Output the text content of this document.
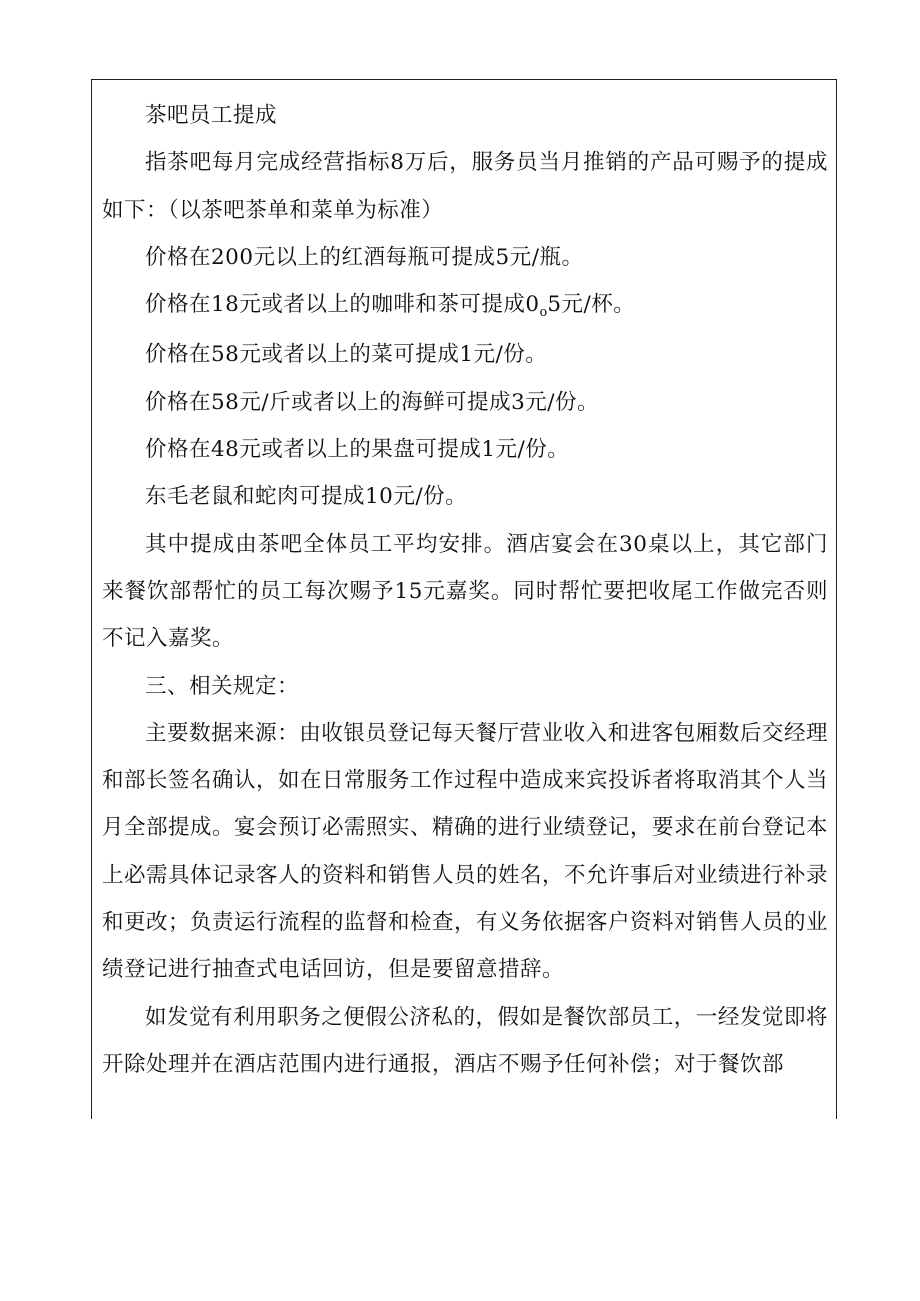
茶吧员工提成

指茶吧每月完成经营指标8万后，服务员当月推销的产品可赐予的提成如下：（以茶吧茶单和菜单为标准）

价格在200元以上的红酒每瓶可提成5元/瓶。

价格在18元或者以上的咖啡和茶可提成$0_o5$元/杯。

价格在58元或者以上的菜可提成1元/份。

价格在58元/斤或者以上的海鲜可提成3元/份。

价格在48元或者以上的果盘可提成1元/份。

东毛老鼠和蛇肉可提成10元/份。

其中提成由茶吧全体员工平均安排。酒店宴会在30桌以上，其它部门来餐饮部帮忙的员工每次赐予15元嘉奖。同时帮忙要把收尾工作做完否则不记入嘉奖。

三、相关规定：

主要数据来源：由收银员登记每天餐厅营业收入和进客包厢数后交经理和部长签名确认，如在日常服务工作过程中造成来宾投诉者将取消其个人当月全部提成。宴会预订必需照实、精确的进行业绩登记，要求在前台登记本上必需具体记录客人的资料和销售人员的姓名，不允许事后对业绩进行补录和更改；负责运行流程的监督和检查，有义务依据客户资料对销售人员的业绩登记进行抽查式电话回访，但是要留意措辞。

如发觉有利用职务之便假公济私的，假如是餐饮部员工，一经发觉即将开除处理并在酒店范围内进行通报，酒店不赐予任何补偿；对于餐饮部
